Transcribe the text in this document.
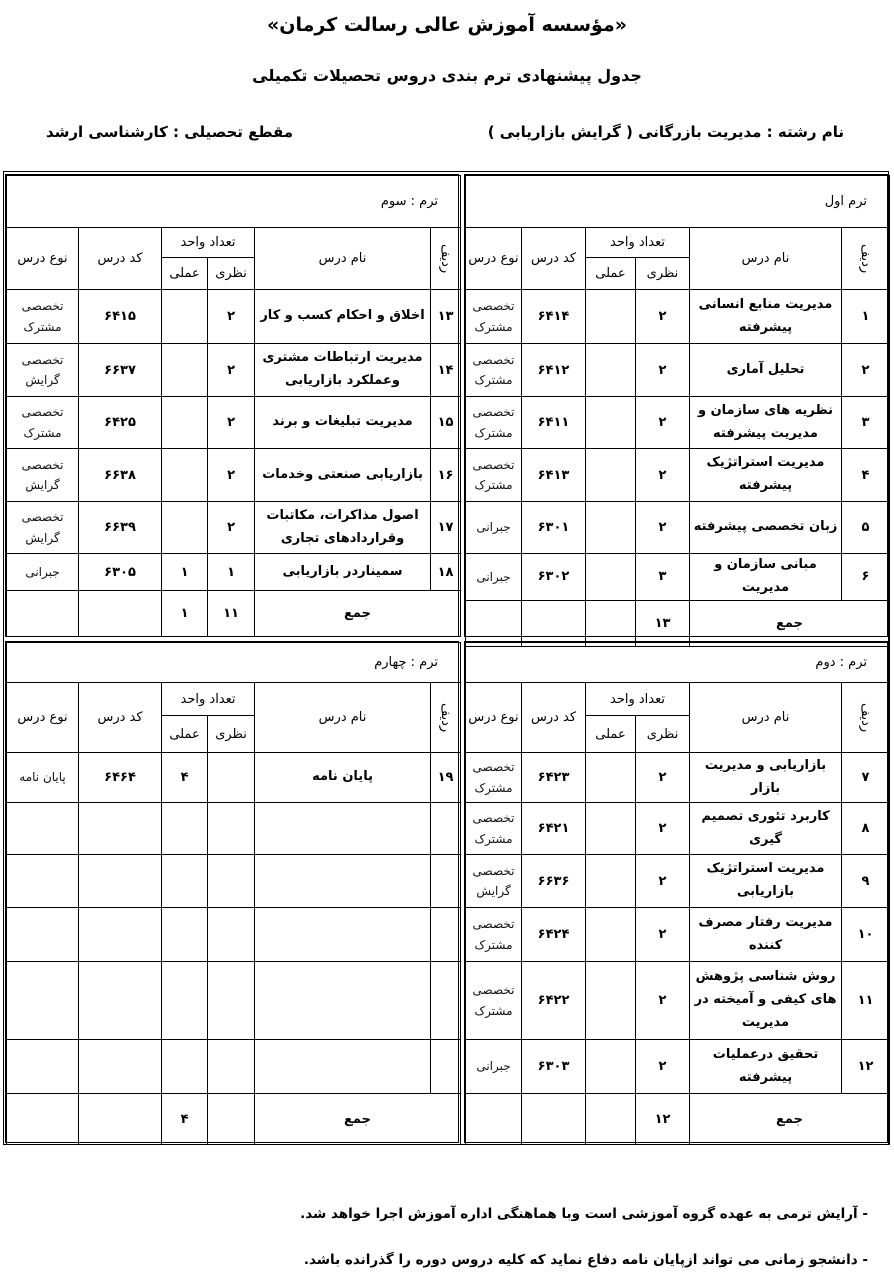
«مؤسسه آموزش عالی رسالت کرمان»
جدول پیشنهادی ترم بندی دروس تحصیلات تکمیلی
نام رشته : مدیریت بازرگانی ( گرایش بازاریابی )
مقطع تحصیلی : کارشناسی ارشد
ترم اول					
ردیف	نام درس	تعداد واحد		کد درس	نوع درس
		نظری	عملی		
۱	مدیریت منابع انسانی پیشرفته	۲		۶۴۱۴	تخصصی مشترک
۲	تحلیل آماری	۲		۶۴۱۲	تخصصی مشترک
۳	نظریه های سازمان و مدیریت پیشرفته	۲		۶۴۱۱	تخصصی مشترک
۴	مدیریت استراتژیک پیشرفته	۲		۶۴۱۳	تخصصی مشترک
۵	زبان تخصصی پیشرفته	۲		۶۳۰۱	جبرانی
۶	مبانی سازمان و مدیریت	۳		۶۳۰۲	جبرانی
جمع		۱۳			
ترم : سوم					
ردیف	نام درس	تعداد واحد		کد درس	نوع درس
		نظری	عملی		
۱۳	اخلاق و احکام کسب و کار	۲		۶۴۱۵	تخصصی مشترک
۱۴	مدیریت ارتباطات مشتری وعملکرد بازاریابی	۲		۶۶۳۷	تخصصی گرایش
۱۵	مدیریت تبلیغات و برند	۲		۶۴۲۵	تخصصی مشترک
۱۶	بازاریابی صنعتی وخدمات	۲		۶۶۳۸	تخصصی گرایش
۱۷	اصول مذاکرات، مکاتبات وقراردادهای تجاری	۲		۶۶۳۹	تخصصی گرایش
۱۸	سمیناردر بازاریابی	۱	۱	۶۳۰۵	جبرانی
جمع		۱۱	۱		
ترم : دوم					
ردیف	نام درس	تعداد واحد		کد درس	نوع درس
		نظری	عملی		
۷	بازاریابی و مدیریت بازار	۲		۶۴۲۳	تخصصی مشترک
۸	کاربرد تئوری تصمیم گیری	۲		۶۴۲۱	تخصصی مشترک
۹	مدیریت استراتژیک بازاریابی	۲		۶۶۳۶	تخصصی گرایش
۱۰	مدیریت رفتار مصرف کننده	۲		۶۴۲۴	تخصصی مشترک
۱۱	روش شناسی پژوهش های کیفی و آمیخته در مدیریت	۲		۶۴۲۲	تخصصی مشترک
۱۲	تحقیق درعملیات پیشرفته	۲		۶۳۰۳	جبرانی
جمع		۱۲			
ترم : چهارم					
ردیف	نام درس	تعداد واحد		کد درس	نوع درس
		نظری	عملی		
۱۹	پایان نامه		۴	۶۴۶۴	پایان نامه

جمع			۴		
- آرایش ترمی به عهده گروه آموزشی است وبا هماهنگی اداره آموزش اجرا خواهد شد.
- دانشجو زمانی می تواند ازپایان نامه دفاع نماید که کلیه دروس دوره را گذرانده باشد.
